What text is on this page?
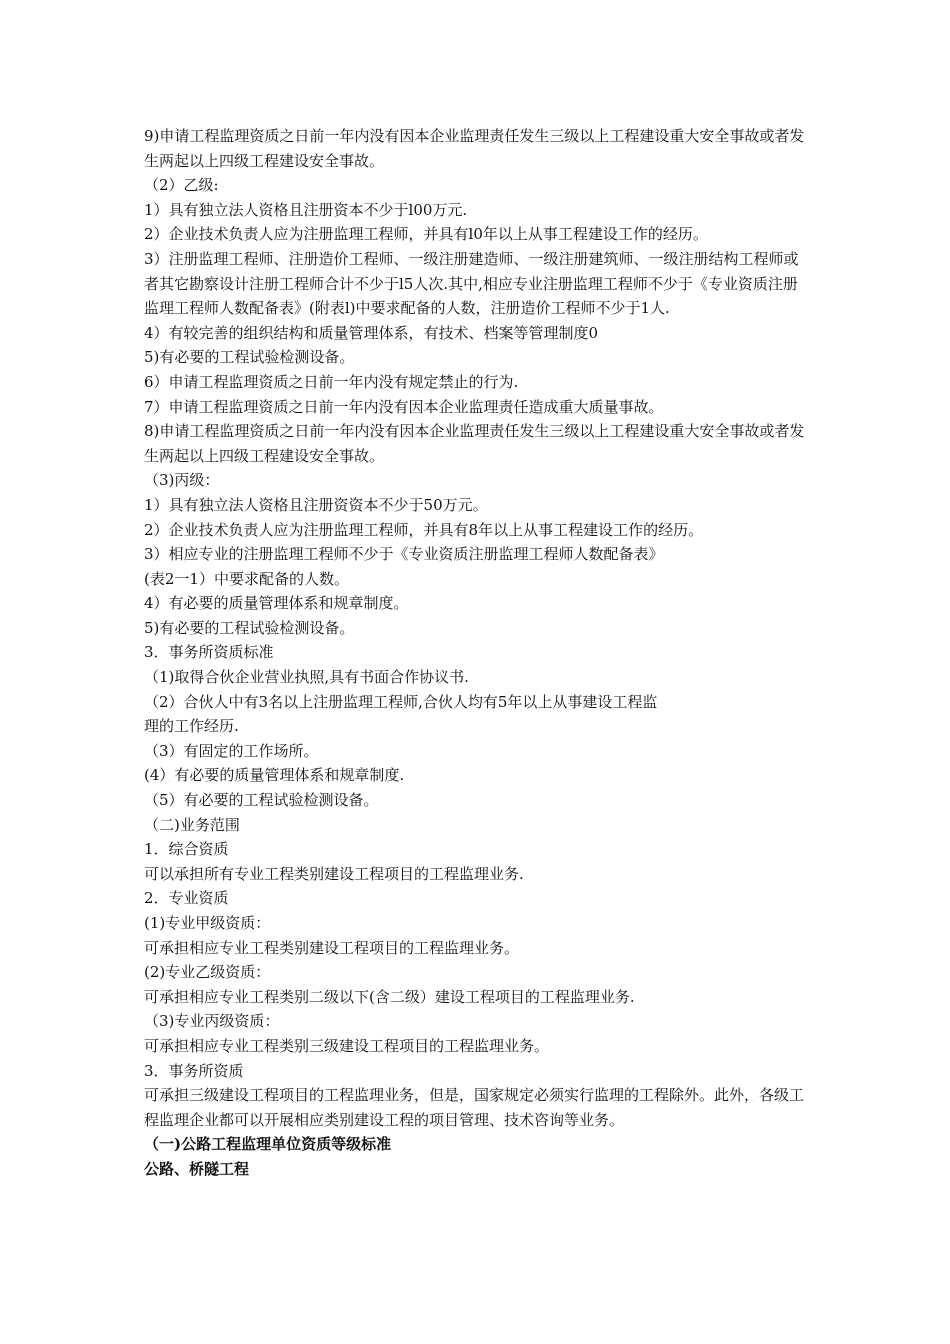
9)申请工程监理资质之日前一年内没有因本企业监理责任发生三级以上工程建设重大安全事故或者发生两起以上四级工程建设安全事故。

（2）乙级:

1）具有独立法人资格且注册资本不少于l00万元.

2）企业技术负责人应为注册监理工程师，并具有l0年以上从事工程建设工作的经历。

3）注册监理工程师、注册造价工程师、一级注册建造师、一级注册建筑师、一级注册结构工程师或者其它勘察设计注册工程师合计不少于l5人次.其中,相应专业注册监理工程师不少于《专业资质注册监理工程师人数配备表》(附表l)中要求配备的人数，注册造价工程师不少于1人.

4）有较完善的组织结构和质量管理体系，有技术、档案等管理制度0

5)有必要的工程试验检测设备。

6）申请工程监理资质之日前一年内没有规定禁止的行为.

7）申请工程监理资质之日前一年内没有因本企业监理责任造成重大质量事故。

8)申请工程监理资质之日前一年内没有因本企业监理责任发生三级以上工程建设重大安全事故或者发生两起以上四级工程建设安全事故。

（3)丙级：

1）具有独立法人资格且注册资资本不少于50万元。

2）企业技术负责人应为注册监理工程师，并具有8年以上从事工程建设工作的经历。

3）相应专业的注册监理工程师不少于《专业资质注册监理工程师人数配备表》

(表2一1）中要求配备的人数。

4）有必要的质量管理体系和规章制度。

5)有必要的工程试验检测设备。

3．事务所资质标准

（1)取得合伙企业营业执照,具有书面合作协议书.

（2）合伙人中有3名以上注册监理工程师,合伙人均有5年以上从事建设工程监

理的工作经历.

（3）有固定的工作场所。

(4）有必要的质量管理体系和规章制度.

（5）有必要的工程试验检测设备。

（二)业务范围

1．综合资质

可以承担所有专业工程类别建设工程项目的工程监理业务.

2．专业资质

(1)专业甲级资质：

可承担相应专业工程类别建设工程项目的工程监理业务。

(2)专业乙级资质：

可承担相应专业工程类别二级以下(含二级）建设工程项目的工程监理业务.

（3)专业丙级资质：

可承担相应专业工程类别三级建设工程项目的工程监理业务。

3．事务所资质

可承担三级建设工程项目的工程监理业务，但是，国家规定必须实行监理的工程除外。此外，各级工程监理企业都可以开展相应类别建设工程的项目管理、技术咨询等业务。

（一)公路工程监理单位资质等级标准

公路、桥隧工程
